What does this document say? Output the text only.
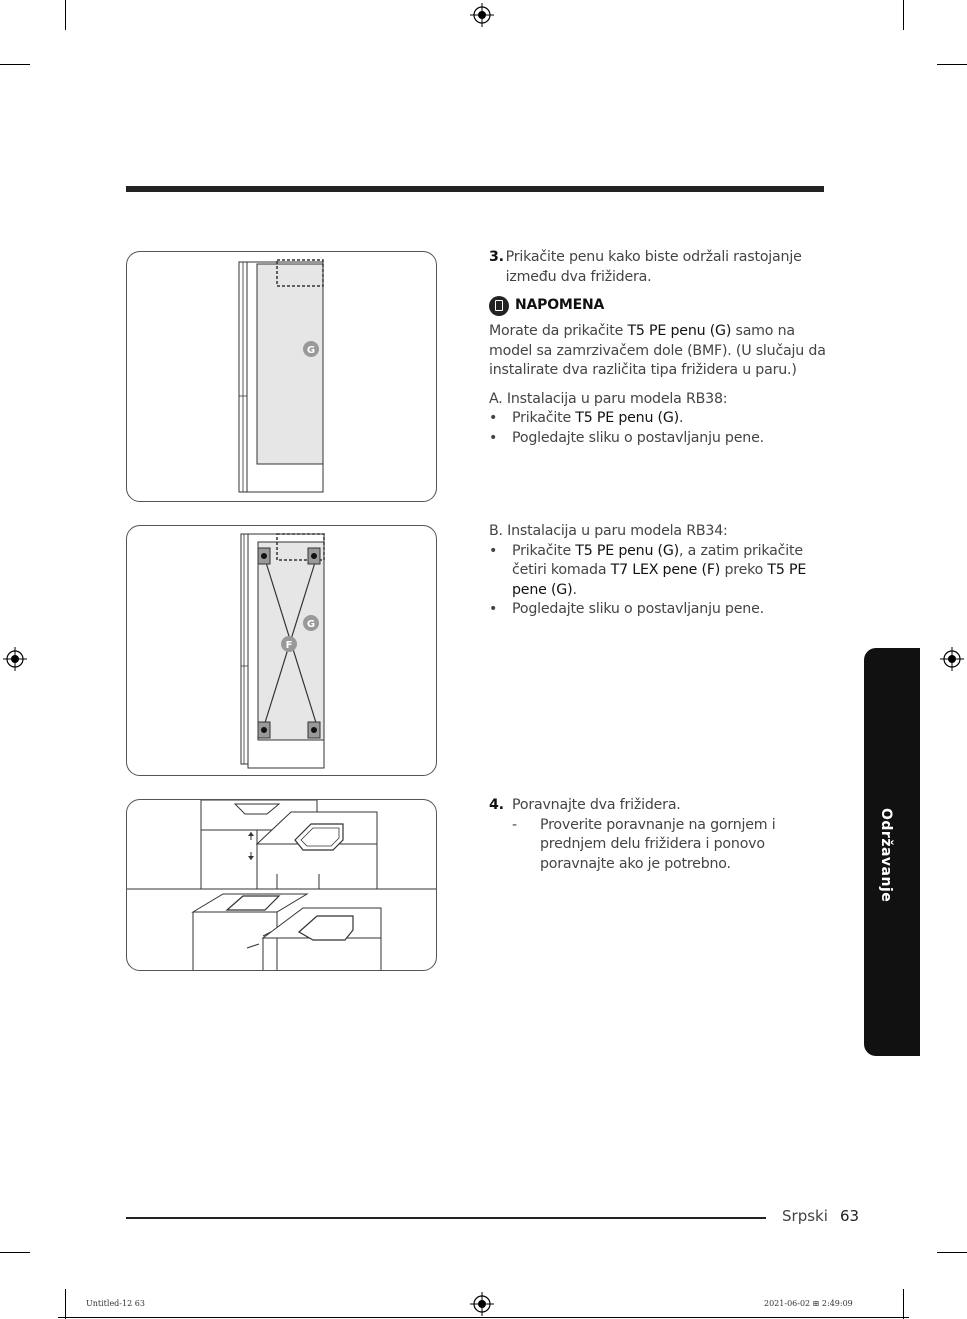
G
G
F

3. Prikačite penu kako biste održali rastojanje između dva frižidera.

NAPOMENA

Morate da prikačite T5 PE penu (G) samo na model sa zamrzivačem dole (BMF). (U slučaju da instalirate dva različita tipa frižidera u paru.)

A. Instalacija u paru modela RB38:

•	Prikačite T5 PE penu (G).

•	Pogledajte sliku o postavljanju pene.

B. Instalacija u paru modela RB34:

•	Prikačite T5 PE penu (G), a zatim prikačite četiri komada T7 LEX pene (F) preko T5 PE pene (G).

•	Pogledajte sliku o postavljanju pene.

4. Poravnajte dva frižidera.

-	Proverite poravnanje na gornjem i prednjem delu frižidera i ponovo poravnajte ako je potrebno.	Održavanje
Srpski 63
Untitled-12 63	2021-06-02 ⊞ 2:49:09
